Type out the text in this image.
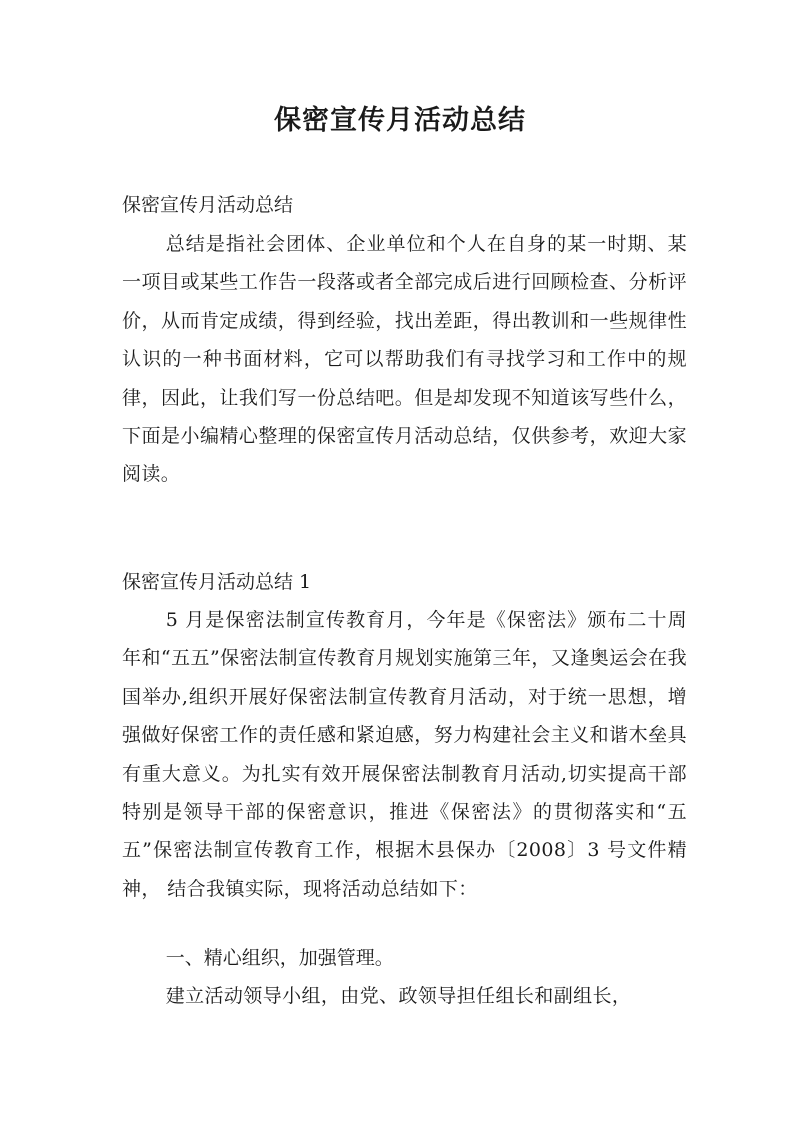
保密宣传月活动总结

保密宣传月活动总结

总结是指社会团体、企业单位和个人在自身的某一时期、某一项目或某些工作告一段落或者全部完成后进行回顾检查、分析评价，从而肯定成绩，得到经验，找出差距，得出教训和一些规律性认识的一种书面材料，它可以帮助我们有寻找学习和工作中的规律，因此，让我们写一份总结吧。但是却发现不知道该写些什么，下面是小编精心整理的保密宣传月活动总结，仅供参考，欢迎大家阅读。

保密宣传月活动总结 1

5 月是保密法制宣传教育月，今年是《保密法》颁布二十周年和“五五”保密法制宣传教育月规划实施第三年，又逢奥运会在我国举办,组织开展好保密法制宣传教育月活动，对于统一思想，增强做好保密工作的责任感和紧迫感，努力构建社会主义和谐木垒具有重大意义。为扎实有效开展保密法制教育月活动,切实提高干部特别是领导干部的保密意识，推进《保密法》的贯彻落实和“五五”保密法制宣传教育工作，根据木县保办〔2008〕3 号文件精神， 结合我镇实际，现将活动总结如下：

一、精心组织，加强管理。

建立活动领导小组，由党、政领导担任组长和副组长，
